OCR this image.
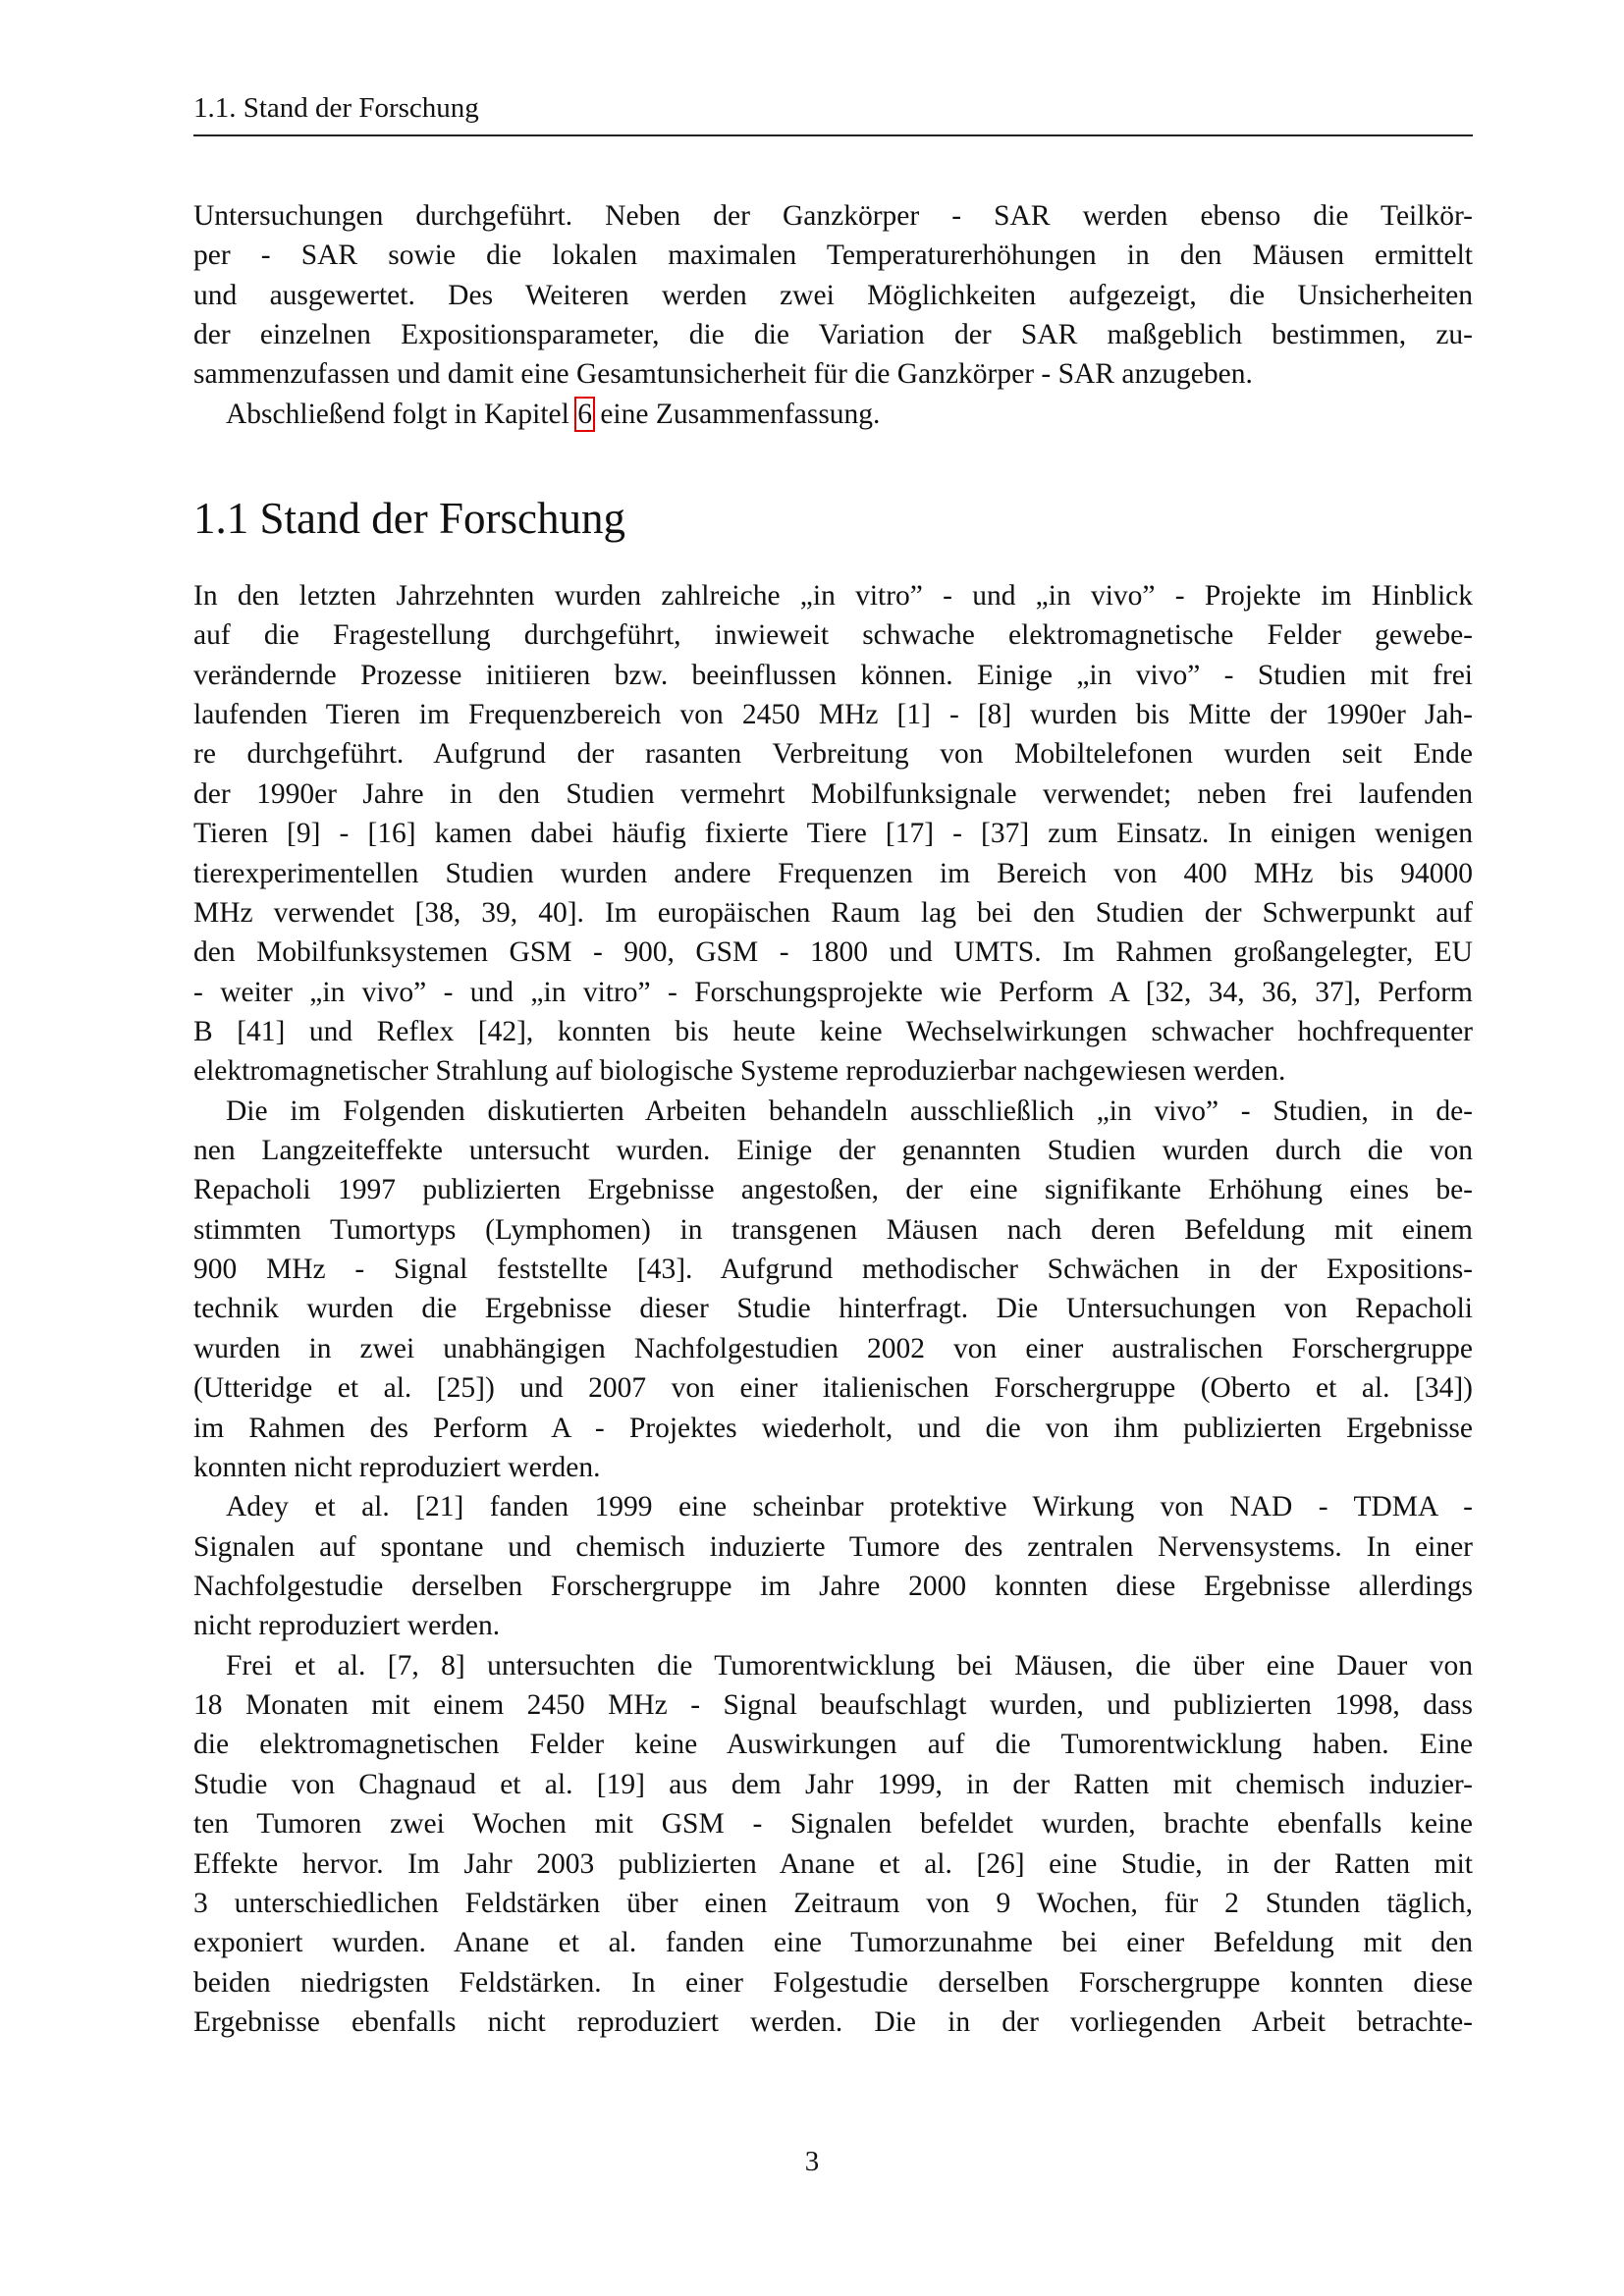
1.1. Stand der Forschung
Untersuchungen durchgeführt. Neben der Ganzkörper - SAR werden ebenso die Teilkör-
per - SAR sowie die lokalen maximalen Temperaturerhöhungen in den Mäusen ermittelt
und ausgewertet. Des Weiteren werden zwei Möglichkeiten aufgezeigt, die Unsicherheiten
der einzelnen Expositionsparameter, die die Variation der SAR maßgeblich bestimmen, zu-
sammenzufassen und damit eine Gesamtunsicherheit für die Ganzkörper - SAR anzugeben.
Abschließend folgt in Kapitel 6 eine Zusammenfassung.
1.1 Stand der Forschung
In den letzten Jahrzehnten wurden zahlreiche „in vitro” - und „in vivo” - Projekte im Hinblick
auf die Fragestellung durchgeführt, inwieweit schwache elektromagnetische Felder gewebe-
verändernde Prozesse initiieren bzw. beeinflussen können. Einige „in vivo” - Studien mit frei
laufenden Tieren im Frequenzbereich von 2450 MHz [1] - [8] wurden bis Mitte der 1990er Jah-
re durchgeführt. Aufgrund der rasanten Verbreitung von Mobiltelefonen wurden seit Ende
der 1990er Jahre in den Studien vermehrt Mobilfunksignale verwendet; neben frei laufenden
Tieren [9] - [16] kamen dabei häufig fixierte Tiere [17] - [37] zum Einsatz. In einigen wenigen
tierexperimentellen Studien wurden andere Frequenzen im Bereich von 400 MHz bis 94000
MHz verwendet [38, 39, 40]. Im europäischen Raum lag bei den Studien der Schwerpunkt auf
den Mobilfunksystemen GSM - 900, GSM - 1800 und UMTS. Im Rahmen großangelegter, EU
- weiter „in vivo” - und „in vitro” - Forschungsprojekte wie Perform A [32, 34, 36, 37], Perform
B [41] und Reflex [42], konnten bis heute keine Wechselwirkungen schwacher hochfrequenter
elektromagnetischer Strahlung auf biologische Systeme reproduzierbar nachgewiesen werden.
Die im Folgenden diskutierten Arbeiten behandeln ausschließlich „in vivo” - Studien, in de-
nen Langzeiteffekte untersucht wurden. Einige der genannten Studien wurden durch die von
Repacholi 1997 publizierten Ergebnisse angestoßen, der eine signifikante Erhöhung eines be-
stimmten Tumortyps (Lymphomen) in transgenen Mäusen nach deren Befeldung mit einem
900 MHz - Signal feststellte [43]. Aufgrund methodischer Schwächen in der Expositions-
technik wurden die Ergebnisse dieser Studie hinterfragt. Die Untersuchungen von Repacholi
wurden in zwei unabhängigen Nachfolgestudien 2002 von einer australischen Forschergruppe
(Utteridge et al. [25]) und 2007 von einer italienischen Forschergruppe (Oberto et al. [34])
im Rahmen des Perform A - Projektes wiederholt, und die von ihm publizierten Ergebnisse
konnten nicht reproduziert werden.
Adey et al. [21] fanden 1999 eine scheinbar protektive Wirkung von NAD - TDMA -
Signalen auf spontane und chemisch induzierte Tumore des zentralen Nervensystems. In einer
Nachfolgestudie derselben Forschergruppe im Jahre 2000 konnten diese Ergebnisse allerdings
nicht reproduziert werden.
Frei et al. [7, 8] untersuchten die Tumorentwicklung bei Mäusen, die über eine Dauer von
18 Monaten mit einem 2450 MHz - Signal beaufschlagt wurden, und publizierten 1998, dass
die elektromagnetischen Felder keine Auswirkungen auf die Tumorentwicklung haben. Eine
Studie von Chagnaud et al. [19] aus dem Jahr 1999, in der Ratten mit chemisch induzier-
ten Tumoren zwei Wochen mit GSM - Signalen befeldet wurden, brachte ebenfalls keine
Effekte hervor. Im Jahr 2003 publizierten Anane et al. [26] eine Studie, in der Ratten mit
3 unterschiedlichen Feldstärken über einen Zeitraum von 9 Wochen, für 2 Stunden täglich,
exponiert wurden. Anane et al. fanden eine Tumorzunahme bei einer Befeldung mit den
beiden niedrigsten Feldstärken. In einer Folgestudie derselben Forschergruppe konnten diese
Ergebnisse ebenfalls nicht reproduziert werden. Die in der vorliegenden Arbeit betrachte-
3
